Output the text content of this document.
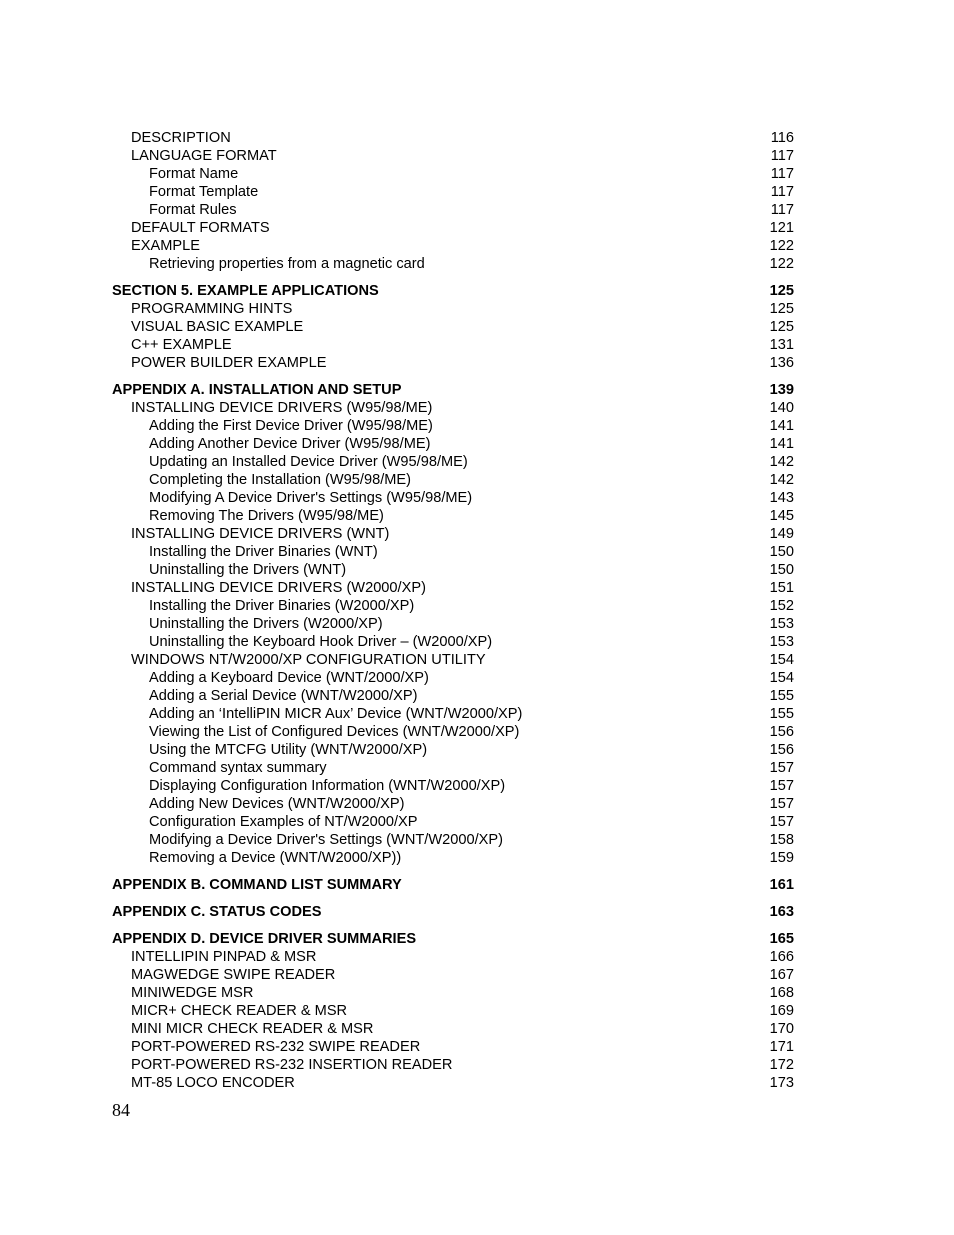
DESCRIPTION	116
LANGUAGE FORMAT	117
Format Name	117
Format Template	117
Format Rules	117
DEFAULT FORMATS	121
EXAMPLE	122
Retrieving properties from a magnetic card	122
SECTION 5. EXAMPLE APPLICATIONS	125
PROGRAMMING HINTS	125
VISUAL BASIC EXAMPLE	125
C++ EXAMPLE	131
POWER BUILDER EXAMPLE	136
APPENDIX A. INSTALLATION AND SETUP	139
INSTALLING DEVICE DRIVERS (W95/98/ME)	140
Adding the First Device Driver (W95/98/ME)	141
Adding Another Device Driver (W95/98/ME)	141
Updating an Installed Device Driver (W95/98/ME)	142
Completing the Installation (W95/98/ME)	142
Modifying A Device Driver's Settings (W95/98/ME)	143
Removing The Drivers (W95/98/ME)	145
INSTALLING DEVICE DRIVERS (WNT)	149
Installing the Driver Binaries (WNT)	150
Uninstalling the Drivers (WNT)	150
INSTALLING DEVICE DRIVERS (W2000/XP)	151
Installing the Driver Binaries (W2000/XP)	152
Uninstalling the Drivers (W2000/XP)	153
Uninstalling the Keyboard Hook Driver – (W2000/XP)	153
WINDOWS NT/W2000/XP CONFIGURATION UTILITY	154
Adding a Keyboard Device (WNT/2000/XP)	154
Adding a Serial Device (WNT/W2000/XP)	155
Adding an ‘IntelliPIN MICR Aux’ Device (WNT/W2000/XP)	155
Viewing the List of Configured Devices (WNT/W2000/XP)	156
Using the MTCFG Utility (WNT/W2000/XP)	156
Command syntax summary	157
Displaying Configuration Information (WNT/W2000/XP)	157
Adding New Devices (WNT/W2000/XP)	157
Configuration Examples of NT/W2000/XP	157
Modifying a Device Driver's Settings (WNT/W2000/XP)	158
Removing a Device (WNT/W2000/XP))	159
APPENDIX B. COMMAND LIST SUMMARY	161
APPENDIX C. STATUS CODES	163
APPENDIX D. DEVICE DRIVER SUMMARIES	165
INTELLIPIN PINPAD & MSR	166
MAGWEDGE SWIPE READER	167
MINIWEDGE MSR	168
MICR+ CHECK READER & MSR	169
MINI MICR CHECK READER & MSR	170
PORT-POWERED RS-232 SWIPE READER	171
PORT-POWERED RS-232 INSERTION READER	172
MT-85 LOCO ENCODER	173
84
